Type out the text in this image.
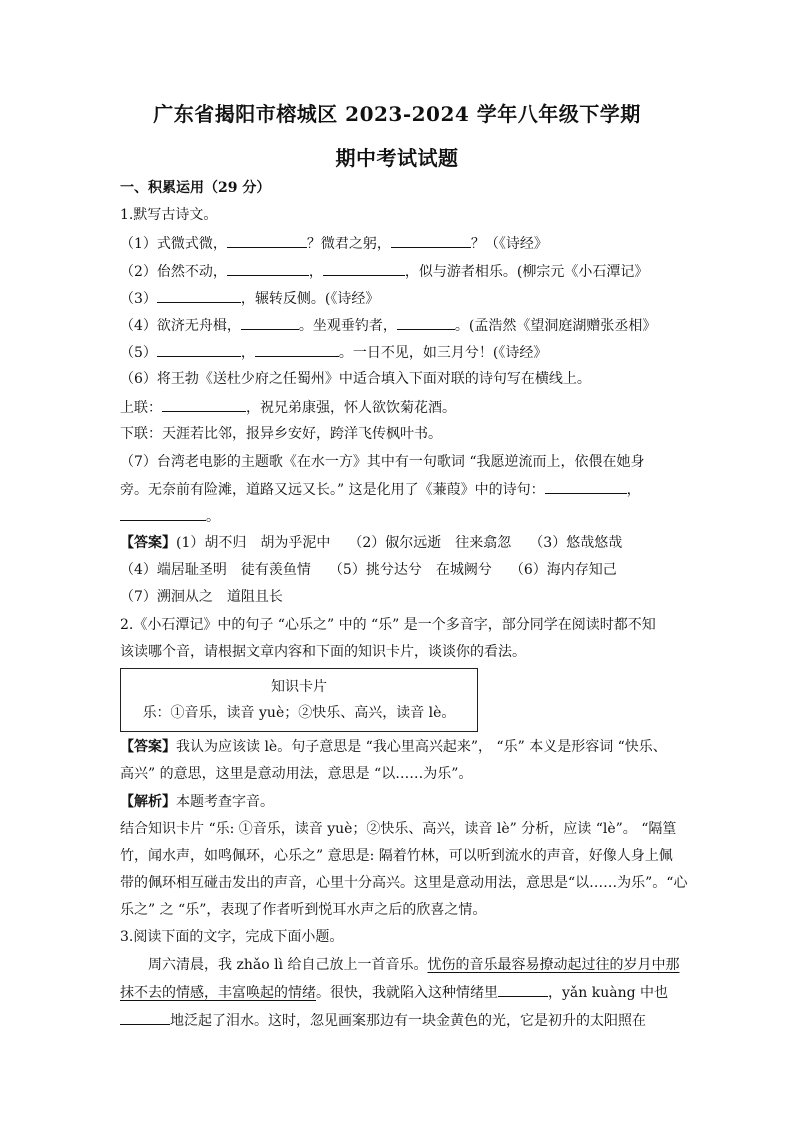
广东省揭阳市榕城区 2023-2024 学年八年级下学期
期中考试试题
一、积累运用（29 分）
1.默写古诗文。
（1）式微式微，	？微君之躬，	？（《诗经》
（2）佁然不动，	，	，似与游者相乐。(柳宗元《小石潭记》
（3）	，辗转反侧。(《诗经》
（4）欲济无舟楫，	。坐观垂钓者，	。(孟浩然《望洞庭湖赠张丞相》
（5）	，	。一日不见，如三月兮！(《诗经》
（6）将王勃《送杜少府之任蜀州》中适合填入下面对联的诗句写在横线上。
上联：	，祝兄弟康强，怀人欲饮菊花酒。
下联：天涯若比邻，报异乡安好，跨洋飞传枫叶书。
（7）台湾老电影的主题歌《在水一方》其中有一句歌词 “我愿逆流而上，依偎在她身
旁。无奈前有险滩，道路又远又长。” 这是化用了《蒹葭》中的诗句：	，
。
【答案】(1）胡不归　胡为乎泥中 （2）俶尔远逝　往来翕忽 （3）悠哉悠哉
（4）端居耻圣明　徒有羡鱼情 （5）挑兮达兮　在城阙兮 （6）海内存知己
（7）溯洄从之　道阻且长
2.《小石潭记》中的句子 “心乐之” 中的 “乐” 是一个多音字，部分同学在阅读时都不知
该读哪个音，请根据文章内容和下面的知识卡片，谈谈你的看法。
知识卡片
乐：①音乐，读音 yuè；②快乐、高兴，读音 lè。
【答案】我认为应该读 lè。句子意思是 “我心里高兴起来”， “乐” 本义是形容词 “快乐、
高兴” 的意思，这里是意动用法，意思是 “以……为乐”。
【解析】本题考查字音。
结合知识卡片 “乐: ①音乐，读音 yuè；②快乐、高兴，读音 lè” 分析，应读 “lè”。 “隔篁
竹，闻水声，如鸣佩环，心乐之” 意思是: 隔着竹林，可以听到流水的声音，好像人身上佩
带的佩环相互碰击发出的声音，心里十分高兴。这里是意动用法，意思是“以……为乐”。“心
乐之” 之 “乐”，表现了作者听到悦耳水声之后的欣喜之情。
3.阅读下面的文字，完成下面小题。
周六清晨，我 zhǎo lì 给自己放上一首音乐。忧伤的音乐最容易撩动起过往的岁月中那
抹不去的情感，丰富唤起的情绪。很快，我就陷入这种情绪里	，yǎn kuàng 中也
地泛起了泪水。这时，忽见画案那边有一块金黄色的光，它是初升的太阳照在
